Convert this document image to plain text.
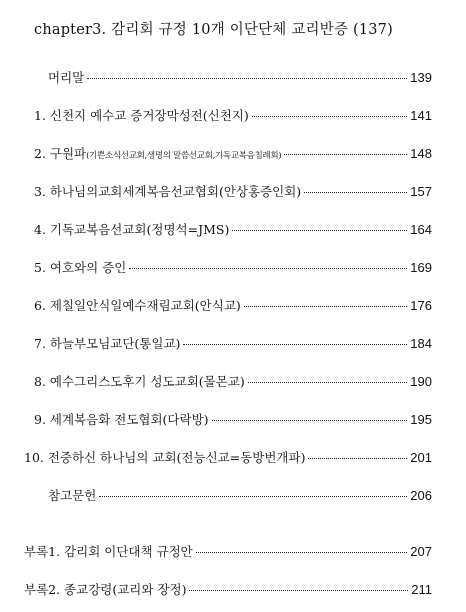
chapter3. 감리회 규정 10개 이단단체 교리반증 (137)
머리말	139
1. 신천지 예수교 증거장막성전(신천지)	141
2. 구원파(기쁜소식선교회,생명의 말씀선교회,기독교복음침례회)	148
3. 하나님의교회세계복음선교협회(안상홍증인회)	157
4. 기독교복음선교회(정명석=JMS)	164
5. 여호와의 증인	169
6. 제칠일안식일예수재림교회(안식교)	176
7. 하늘부모님교단(통일교)	184
8. 예수그리스도후기 성도교회(몰몬교)	190
9. 세계복음화 전도협회(다락방)	195
10. 전중하신 하나님의 교회(전능신교=동방번개파)	201
참고문헌	206
부록1. 감리회 이단대책 규정안	207
부록2. 종교강령(교리와 장정)	211
